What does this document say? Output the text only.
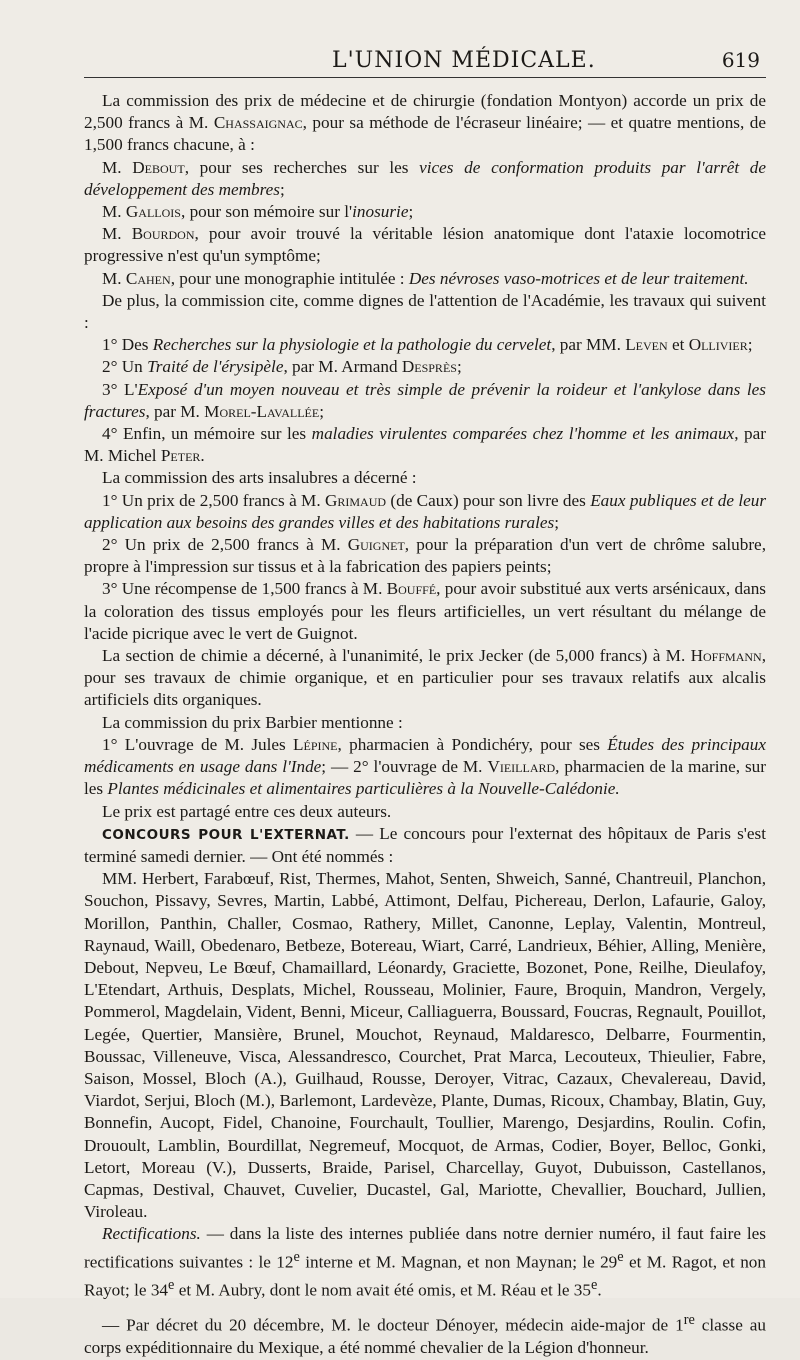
L'UNION MÉDICALE.	619

La commission des prix de médecine et de chirurgie (fondation Montyon) accorde un prix de 2,500 francs à M. Chassaignac, pour sa méthode de l'écraseur linéaire; — et quatre mentions, de 1,500 francs chacune, à :

M. Debout, pour ses recherches sur les vices de conformation produits par l'arrêt de développement des membres;

M. Gallois, pour son mémoire sur l'inosurie;

M. Bourdon, pour avoir trouvé la véritable lésion anatomique dont l'ataxie locomotrice progressive n'est qu'un symptôme;

M. Cahen, pour une monographie intitulée : Des névroses vaso-motrices et de leur traitement.

De plus, la commission cite, comme dignes de l'attention de l'Académie, les travaux qui suivent :

1° Des Recherches sur la physiologie et la pathologie du cervelet, par MM. Leven et Ollivier;

2° Un Traité de l'érysipèle, par M. Armand Desprès;

3° L'Exposé d'un moyen nouveau et très simple de prévenir la roideur et l'ankylose dans les fractures, par M. Morel-Lavallée;

4° Enfin, un mémoire sur les maladies virulentes comparées chez l'homme et les animaux, par M. Michel Peter.

La commission des arts insalubres a décerné :

1° Un prix de 2,500 francs à M. Grimaud (de Caux) pour son livre des Eaux publiques et de leur application aux besoins des grandes villes et des habitations rurales;

2° Un prix de 2,500 francs à M. Guignet, pour la préparation d'un vert de chrôme salubre, propre à l'impression sur tissus et à la fabrication des papiers peints;

3° Une récompense de 1,500 francs à M. Bouffé, pour avoir substitué aux verts arsénicaux, dans la coloration des tissus employés pour les fleurs artificielles, un vert résultant du mélange de l'acide picrique avec le vert de Guignot.

La section de chimie a décerné, à l'unanimité, le prix Jecker (de 5,000 francs) à M. Hoffmann, pour ses travaux de chimie organique, et en particulier pour ses travaux relatifs aux alcalis artificiels dits organiques.

La commission du prix Barbier mentionne :

1° L'ouvrage de M. Jules Lépine, pharmacien à Pondichéry, pour ses Études des principaux médicaments en usage dans l'Inde; — 2° l'ouvrage de M. Vieillard, pharmacien de la marine, sur les Plantes médicinales et alimentaires particulières à la Nouvelle-Calédonie.

Le prix est partagé entre ces deux auteurs.

CONCOURS POUR L'EXTERNAT. — Le concours pour l'externat des hôpitaux de Paris s'est terminé samedi dernier. — Ont été nommés :

MM. Herbert, Farabœuf, Rist, Thermes, Mahot, Senten, Shweich, Sanné, Chantreuil, Planchon, Souchon, Pissavy, Sevres, Martin, Labbé, Attimont, Delfau, Pichereau, Derlon, Lafaurie, Galoy, Morillon, Panthin, Challer, Cosmao, Rathery, Millet, Canonne, Leplay, Valentin, Montreul, Raynaud, Waill, Obedenaro, Betbeze, Botereau, Wiart, Carré, Landrieux, Béhier, Alling, Menière, Debout, Nepveu, Le Bœuf, Chamaillard, Léonardy, Graciette, Bozonet, Pone, Reilhe, Dieulafoy, L'Etendart, Arthuis, Desplats, Michel, Rousseau, Molinier, Faure, Broquin, Mandron, Vergely, Pommerol, Magdelain, Vident, Benni, Miceur, Calliaguerra, Boussard, Foucras, Regnault, Pouillot, Legée, Quertier, Mansière, Brunel, Mouchot, Reynaud, Maldaresco, Delbarre, Fourmentin, Boussac, Villeneuve, Visca, Alessandresco, Courchet, Prat Marca, Lecouteux, Thieulier, Fabre, Saison, Mossel, Bloch (A.), Guilhaud, Rousse, Deroyer, Vitrac, Cazaux, Chevalereau, David, Viardot, Serjui, Bloch (M.), Barlemont, Lardevèze, Plante, Dumas, Ricoux, Chambay, Blatin, Guy, Bonnefin, Aucopt, Fidel, Chanoine, Fourchault, Toullier, Marengo, Desjardins, Roulin. Cofin, Drouoult, Lamblin, Bourdillat, Negremeuf, Mocquot, de Armas, Codier, Boyer, Belloc, Gonki, Letort, Moreau (V.), Dusserts, Braide, Parisel, Charcellay, Guyot, Dubuisson, Castellanos, Capmas, Destival, Chauvet, Cuvelier, Ducastel, Gal, Mariotte, Chevallier, Bouchard, Jullien, Viroleau.

Rectifications. — dans la liste des internes publiée dans notre dernier numéro, il faut faire les rectifications suivantes : le 12e interne et M. Magnan, et non Maynan; le 29e et M. Ragot, et non Rayot; le 34e et M. Aubry, dont le nom avait été omis, et M. Réau et le 35e.

— Par décret du 20 décembre, M. le docteur Dénoyer, médecin aide-major de 1re classe au corps expéditionnaire du Mexique, a été nommé chevalier de la Légion d'honneur.
